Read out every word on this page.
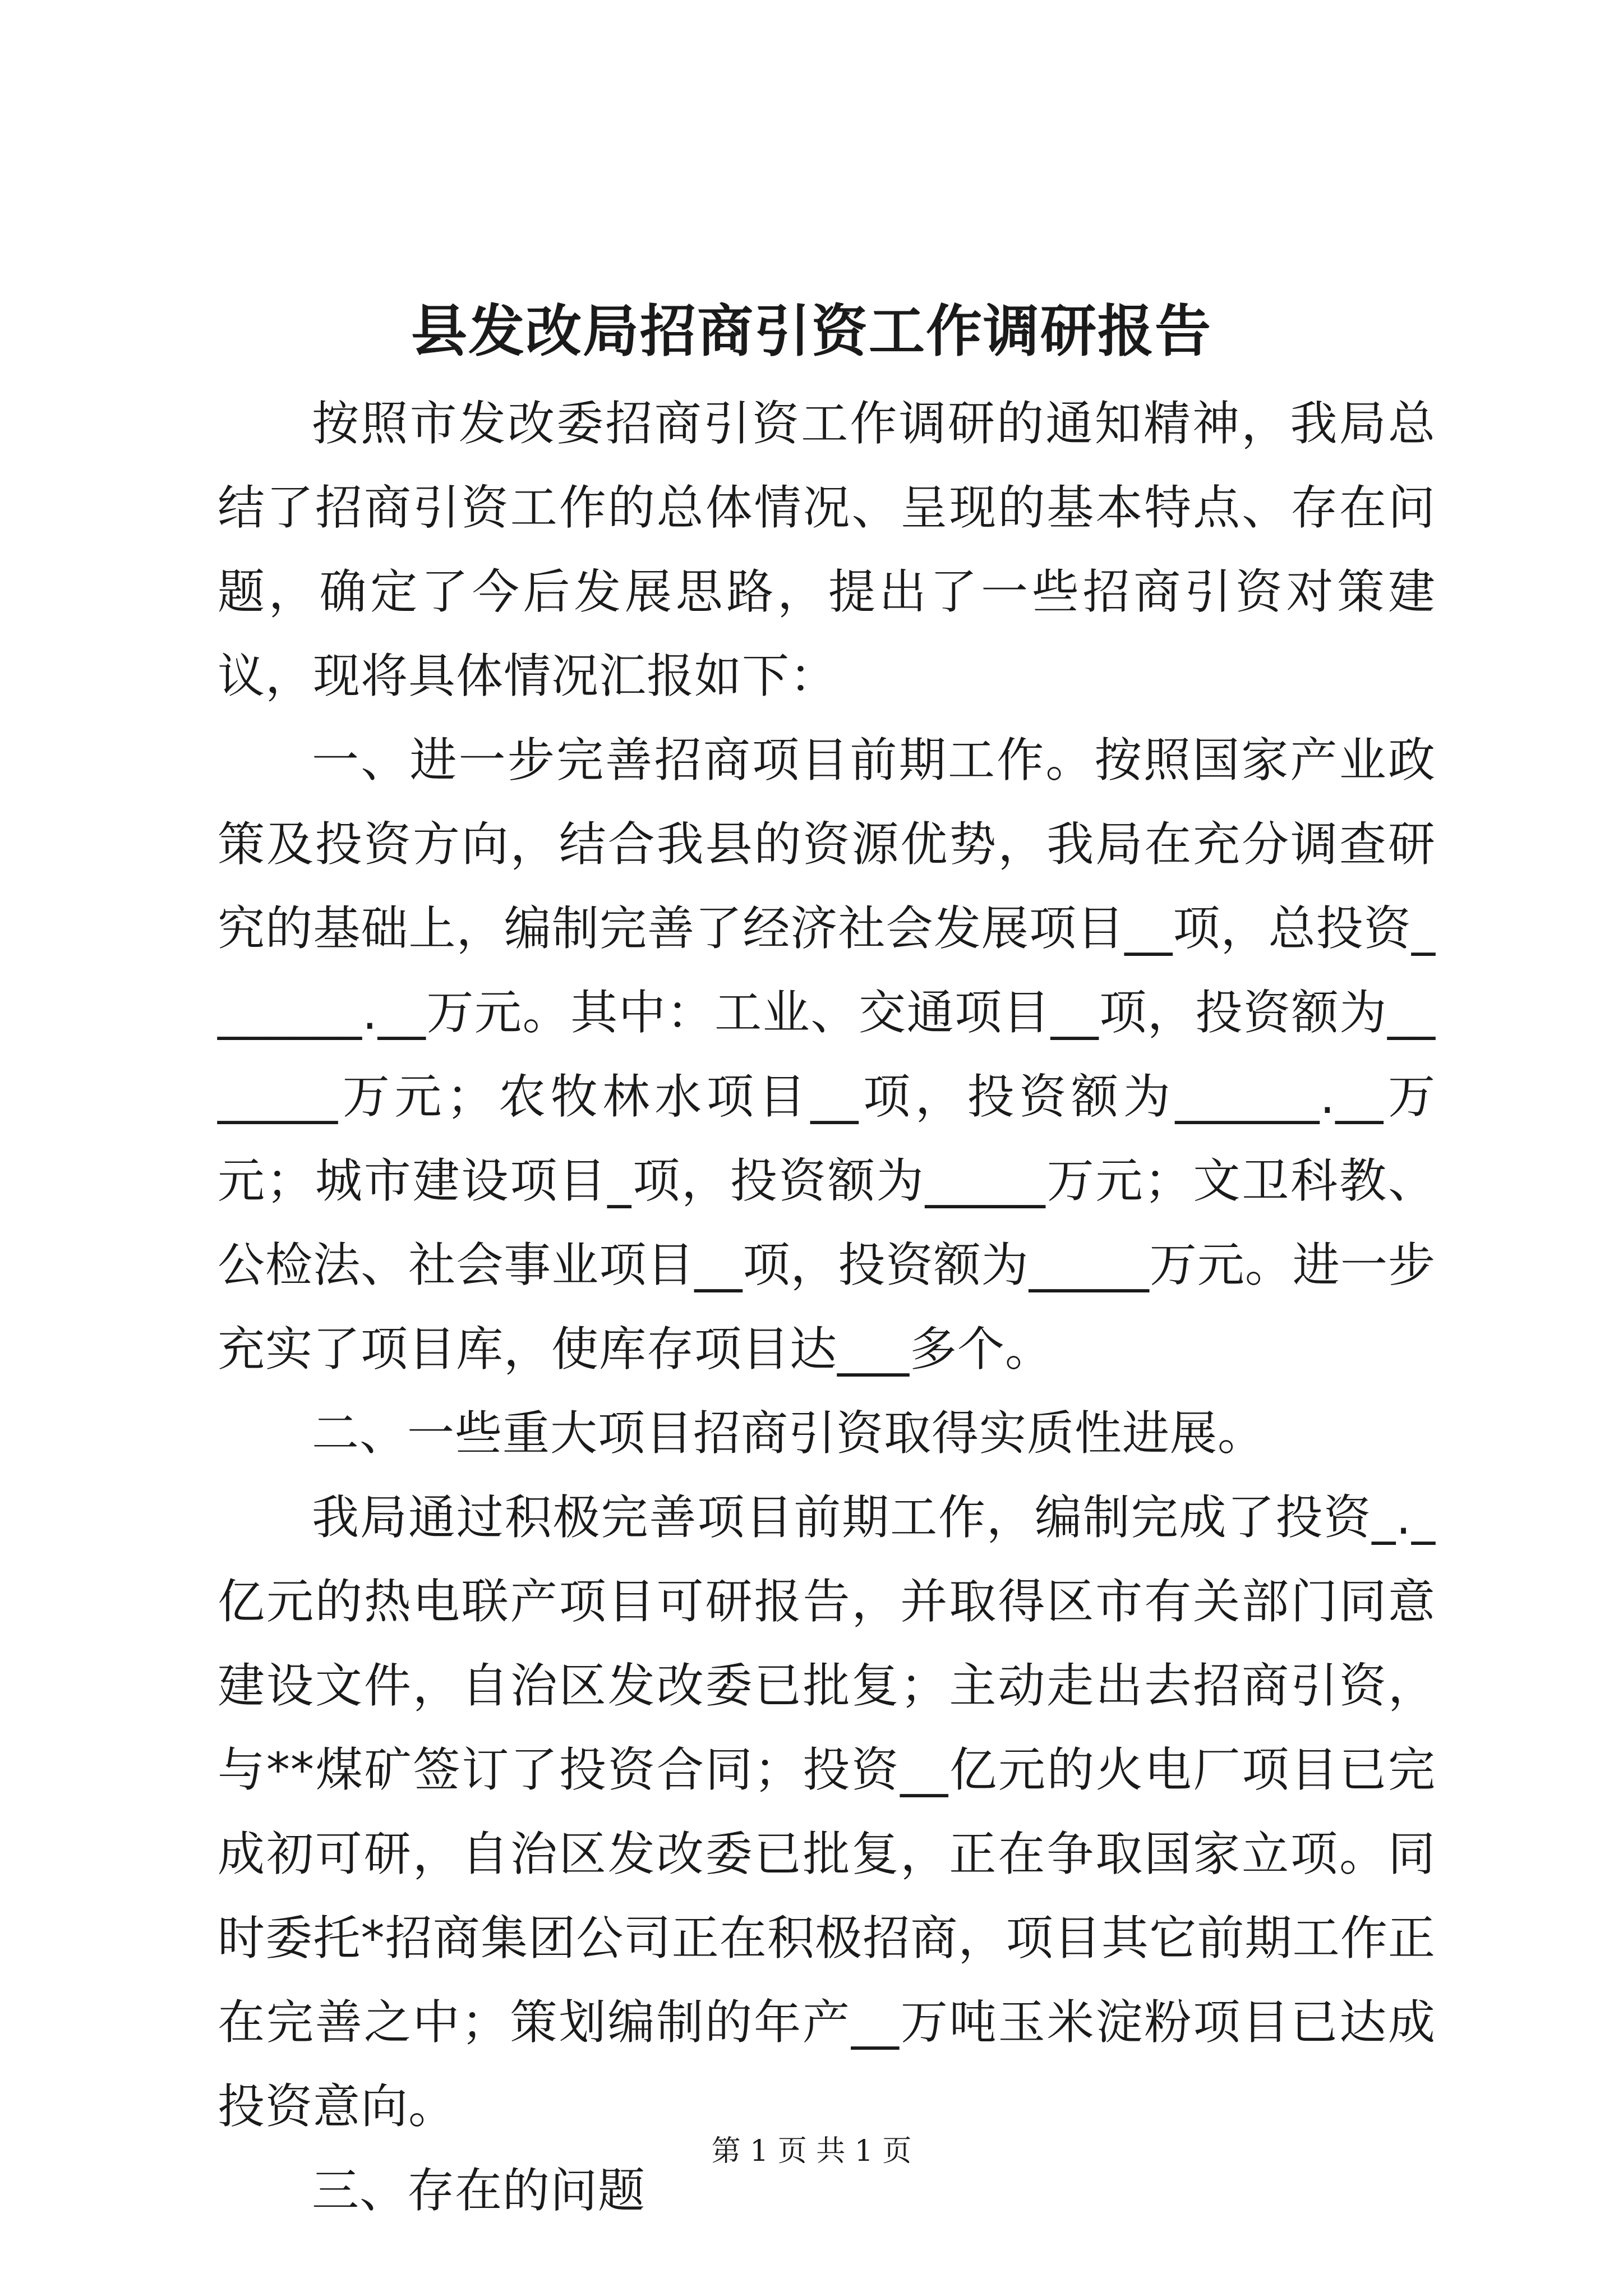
县发改局招商引资工作调研报告

按照市发改委招商引资工作调研的通知精神，我局总结了招商引资工作的总体情况、呈现的基本特点、存在问题，确定了今后发展思路，提出了一些招商引资对策建议，现将具体情况汇报如下：

一、进一步完善招商项目前期工作。按照国家产业政策及投资方向，结合我县的资源优势，我局在充分调查研究的基础上，编制完善了经济社会发展项目__项，总投资_______.__万元。其中：工业、交通项目__项，投资额为_______万元；农牧林水项目__项，投资额为______.__万元；城市建设项目_项，投资额为_____万元；文卫科教、公检法、社会事业项目__项，投资额为_____万元。进一步充实了项目库，使库存项目达___多个。

二、一些重大项目招商引资取得实质性进展。

我局通过积极完善项目前期工作，编制完成了投资_._亿元的热电联产项目可研报告，并取得区市有关部门同意建设文件，自治区发改委已批复；主动走出去招商引资，与**煤矿签订了投资合同；投资__亿元的火电厂项目已完成初可研，自治区发改委已批复，正在争取国家立项。同时委托*招商集团公司正在积极招商，项目其它前期工作正在完善之中；策划编制的年产__万吨玉米淀粉项目已达成投资意向。

三、存在的问题

第 1 页 共 1 页
